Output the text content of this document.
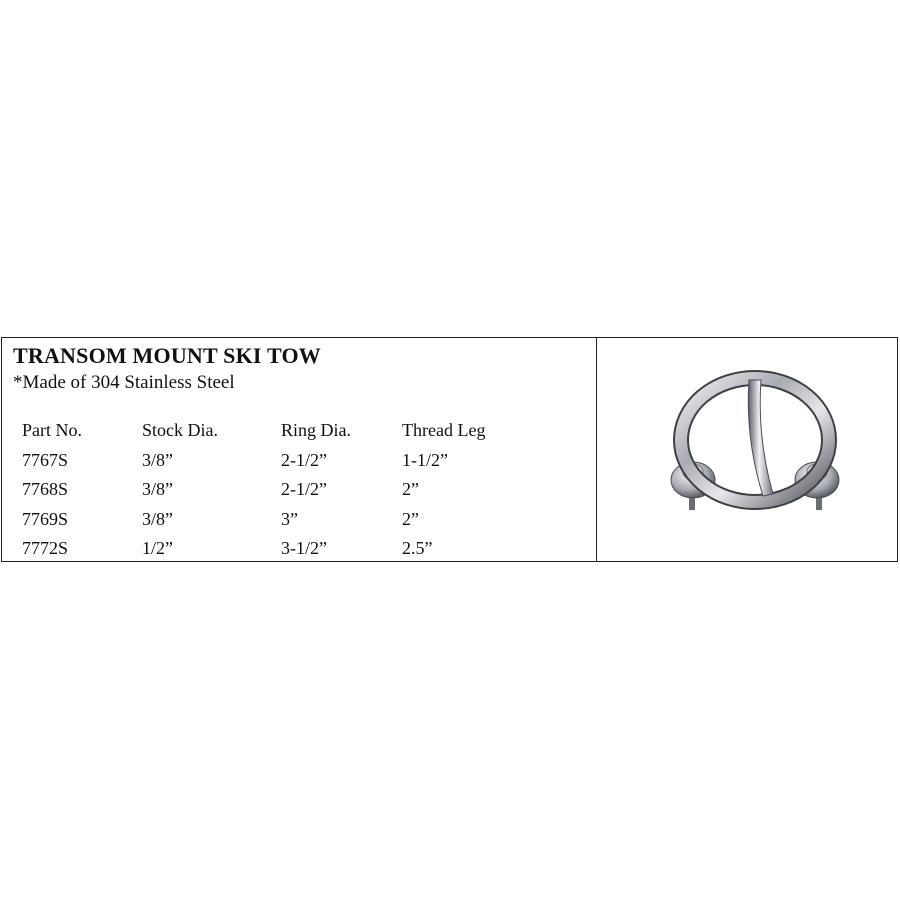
TRANSOM MOUNT SKI TOW
*Made of 304 Stainless Steel
Part No.	Stock Dia.	Ring Dia.	Thread Leg
7767S	3/8”	2-1/2”	1-1/2”
7768S	3/8”	2-1/2”	2”
7769S	3/8”	3”	2”
7772S	1/2”	3-1/2”	2.5”
